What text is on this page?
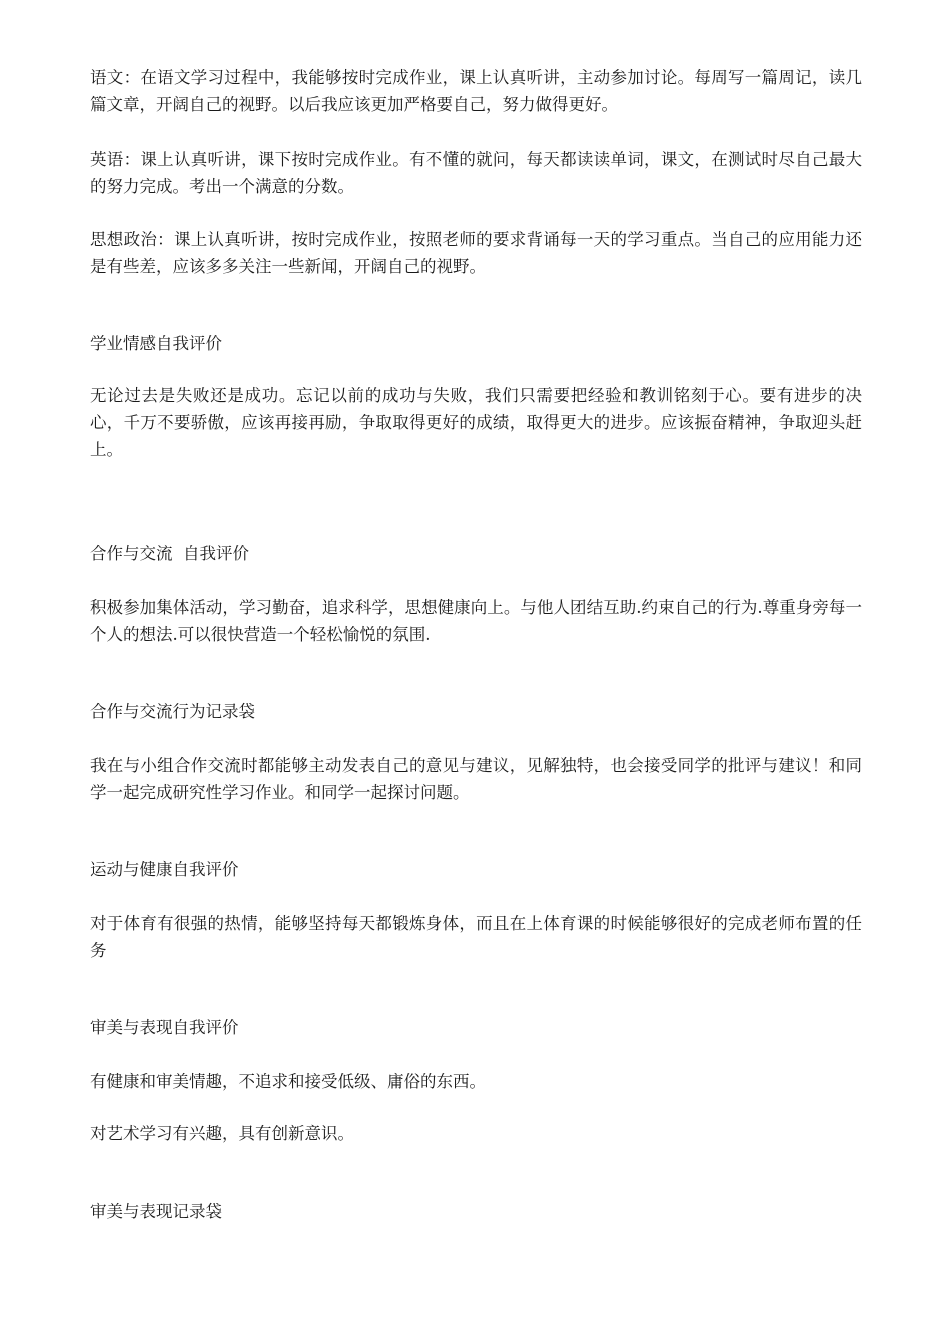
语文：在语文学习过程中，我能够按时完成作业，课上认真听讲，主动参加讨论。每周写一篇周记，读几篇文章，开阔自己的视野。以后我应该更加严格要自己，努力做得更好。

英语：课上认真听讲，课下按时完成作业。有不懂的就问，每天都读读单词，课文，在测试时尽自己最大的努力完成。考出一个满意的分数。

思想政治：课上认真听讲，按时完成作业，按照老师的要求背诵每一天的学习重点。当自己的应用能力还是有些差，应该多多关注一些新闻，开阔自己的视野。

学业情感自我评价

无论过去是失败还是成功。忘记以前的成功与失败，我们只需要把经验和教训铭刻于心。要有进步的决心，千万不要骄傲，应该再接再励，争取取得更好的成绩，取得更大的进步。应该振奋精神，争取迎头赶上。

合作与交流  自我评价

积极参加集体活动，学习勤奋，追求科学，思想健康向上。与他人团结互助.约束自己的行为.尊重身旁每一个人的想法.可以很快营造一个轻松愉悦的氛围.

合作与交流行为记录袋

我在与小组合作交流时都能够主动发表自己的意见与建议，见解独特，也会接受同学的批评与建议！和同学一起完成研究性学习作业。和同学一起探讨问题。

运动与健康自我评价

对于体育有很强的热情，能够坚持每天都锻炼身体，而且在上体育课的时候能够很好的完成老师布置的任务

审美与表现自我评价

有健康和审美情趣，不追求和接受低级、庸俗的东西。

对艺术学习有兴趣，具有创新意识。

审美与表现记录袋
